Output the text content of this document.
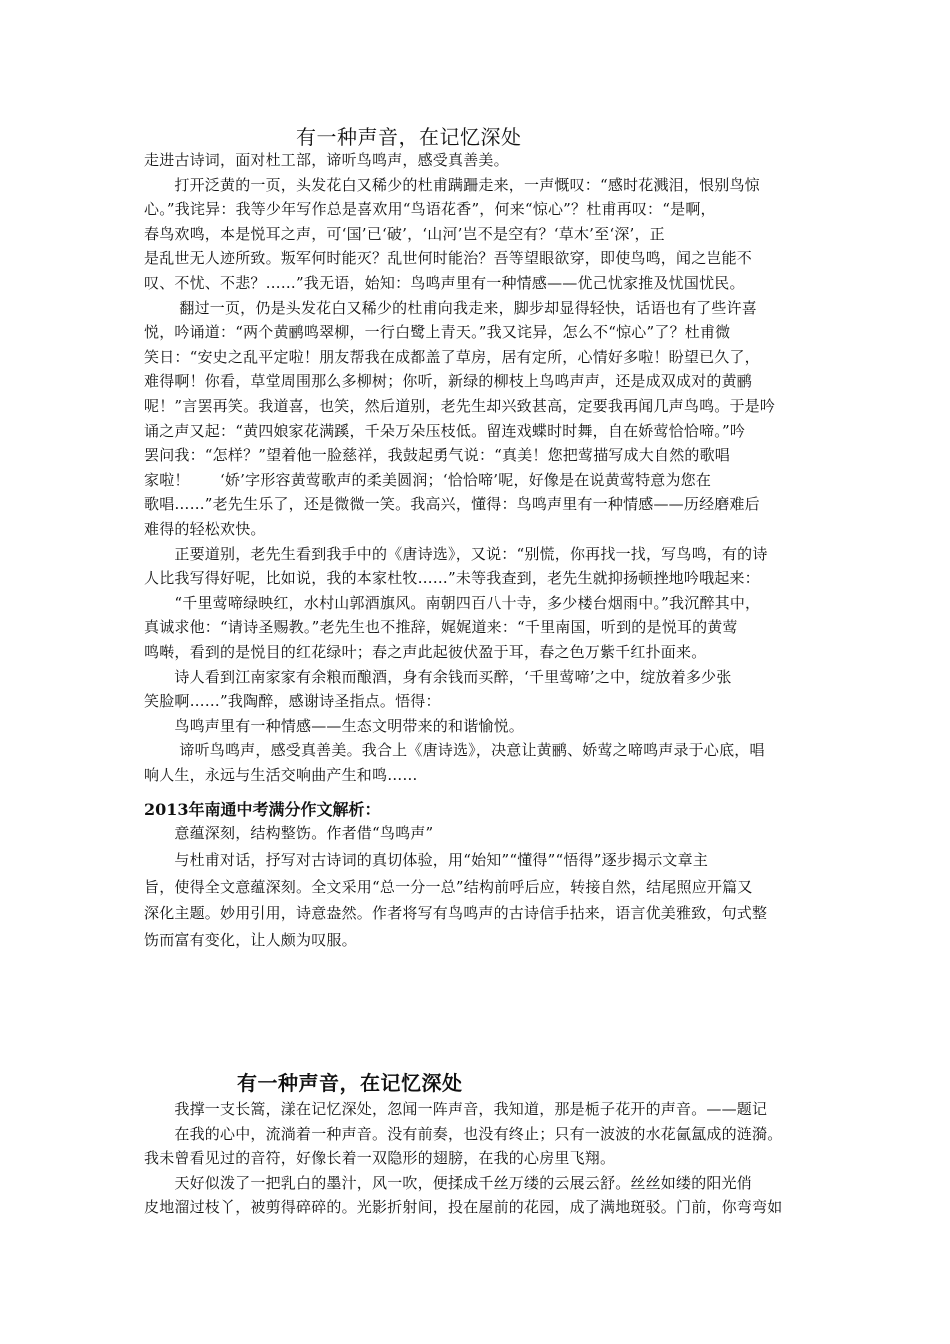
有一种声音，在记忆深处
走进古诗词，面对杜工部，谛听鸟鸣声，感受真善美。
　　打开泛黄的一页，头发花白又稀少的杜甫蹒跚走来，一声慨叹：“感时花溅泪，恨别鸟惊
心。”我诧异：我等少年写作总是喜欢用“鸟语花香”，何来“惊心”？杜甫再叹：“是啊，
春鸟欢鸣，本是悦耳之声，可‘国’已‘破’，‘山河’岂不是空有？‘草木’至‘深’，正
是乱世无人迹所致。叛军何时能灭？乱世何时能治？吾等望眼欲穿，即使鸟鸣，闻之岂能不
叹、不忧、不悲？……”我无语，始知：鸟鸣声里有一种情感——优己忧家推及忧国忧民。
　　 翻过一页，仍是头发花白又稀少的杜甫向我走来，脚步却显得轻快，话语也有了些许喜
悦，吟诵道：“两个黄鹂鸣翠柳，一行白鹭上青天。”我又诧异，怎么不“惊心”了？杜甫微
笑日：“安史之乱平定啦！朋友帮我在成都盖了草房，居有定所，心情好多啦！盼望已久了，
难得啊！你看，草堂周围那么多柳树；你听，新绿的柳枝上鸟鸣声声，还是成双成对的黄鹂
呢！”言罢再笑。我道喜，也笑，然后道别，老先生却兴致甚高，定要我再闻几声鸟鸣。于是吟
诵之声又起：“黄四娘家花满蹊，千朵万朵压枝低。留连戏蝶时时舞，自在娇莺恰恰啼。”吟
罢问我：“怎样？”望着他一脸慈祥，我鼓起勇气说：“真美！您把莺描写成大自然的歌唱
家啦！　　‘娇’字形容黄莺歌声的柔美圆润；‘恰恰啼’呢，好像是在说黄莺特意为您在
歌唱……”老先生乐了，还是微微一笑。我高兴，懂得：鸟鸣声里有一种情感——历经磨难后
难得的轻松欢快。
　　正要道别，老先生看到我手中的《唐诗选》，又说：“别慌，你再找一找，写鸟鸣，有的诗
人比我写得好呢，比如说，我的本家杜牧……”未等我查到，老先生就抑扬顿挫地吟哦起来：
　　“千里莺啼绿映红，水村山郭酒旗风。南朝四百八十寺，多少楼台烟雨中。”我沉醉其中，
真诚求他：“请诗圣赐教。”老先生也不推辞，娓娓道来：“千里南国，听到的是悦耳的黄莺
鸣啭，看到的是悦目的红花绿叶；春之声此起彼伏盈于耳，春之色万紫千红扑面来。
　　诗人看到江南家家有余粮而酿酒，身有余钱而买醉，‘千里莺啼’之中，绽放着多少张
笑脸啊……”我陶醉，感谢诗圣指点。悟得：
　　鸟鸣声里有一种情感——生态文明带来的和谐愉悦。
　　 谛听鸟鸣声，感受真善美。我合上《唐诗选》，决意让黄鹂、娇莺之啼鸣声录于心底，唱
响人生，永远与生活交响曲产生和鸣……
2013年南通中考满分作文解析：
　　意蕴深刻，结构整饬。作者借“鸟鸣声”
　　与杜甫对话，抒写对古诗词的真切体验，用“始知”“懂得”“悟得”逐步揭示文章主
旨，使得全文意蕴深刻。全文采用“总一分一总”结构前呼后应，转接自然，结尾照应开篇又
深化主题。妙用引用，诗意盎然。作者将写有鸟鸣声的古诗信手拈来，语言优美雅致，句式整
饬而富有变化，让人颇为叹服。
有一种声音，在记忆深处
　　我撑一支长篙，漾在记忆深处，忽闻一阵声音，我知道，那是栀子花开的声音。——题记
　　在我的心中，流淌着一种声音。没有前奏，也没有终止；只有一波波的水花氤氲成的涟漪。
我未曾看见过的音符，好像长着一双隐形的翅膀，在我的心房里飞翔。
　　天好似泼了一把乳白的墨汁，风一吹，便揉成千丝万缕的云展云舒。丝丝如缕的阳光俏
皮地溜过枝丫，被剪得碎碎的。光影折射间，投在屋前的花园，成了满地斑驳。门前，你弯弯如
